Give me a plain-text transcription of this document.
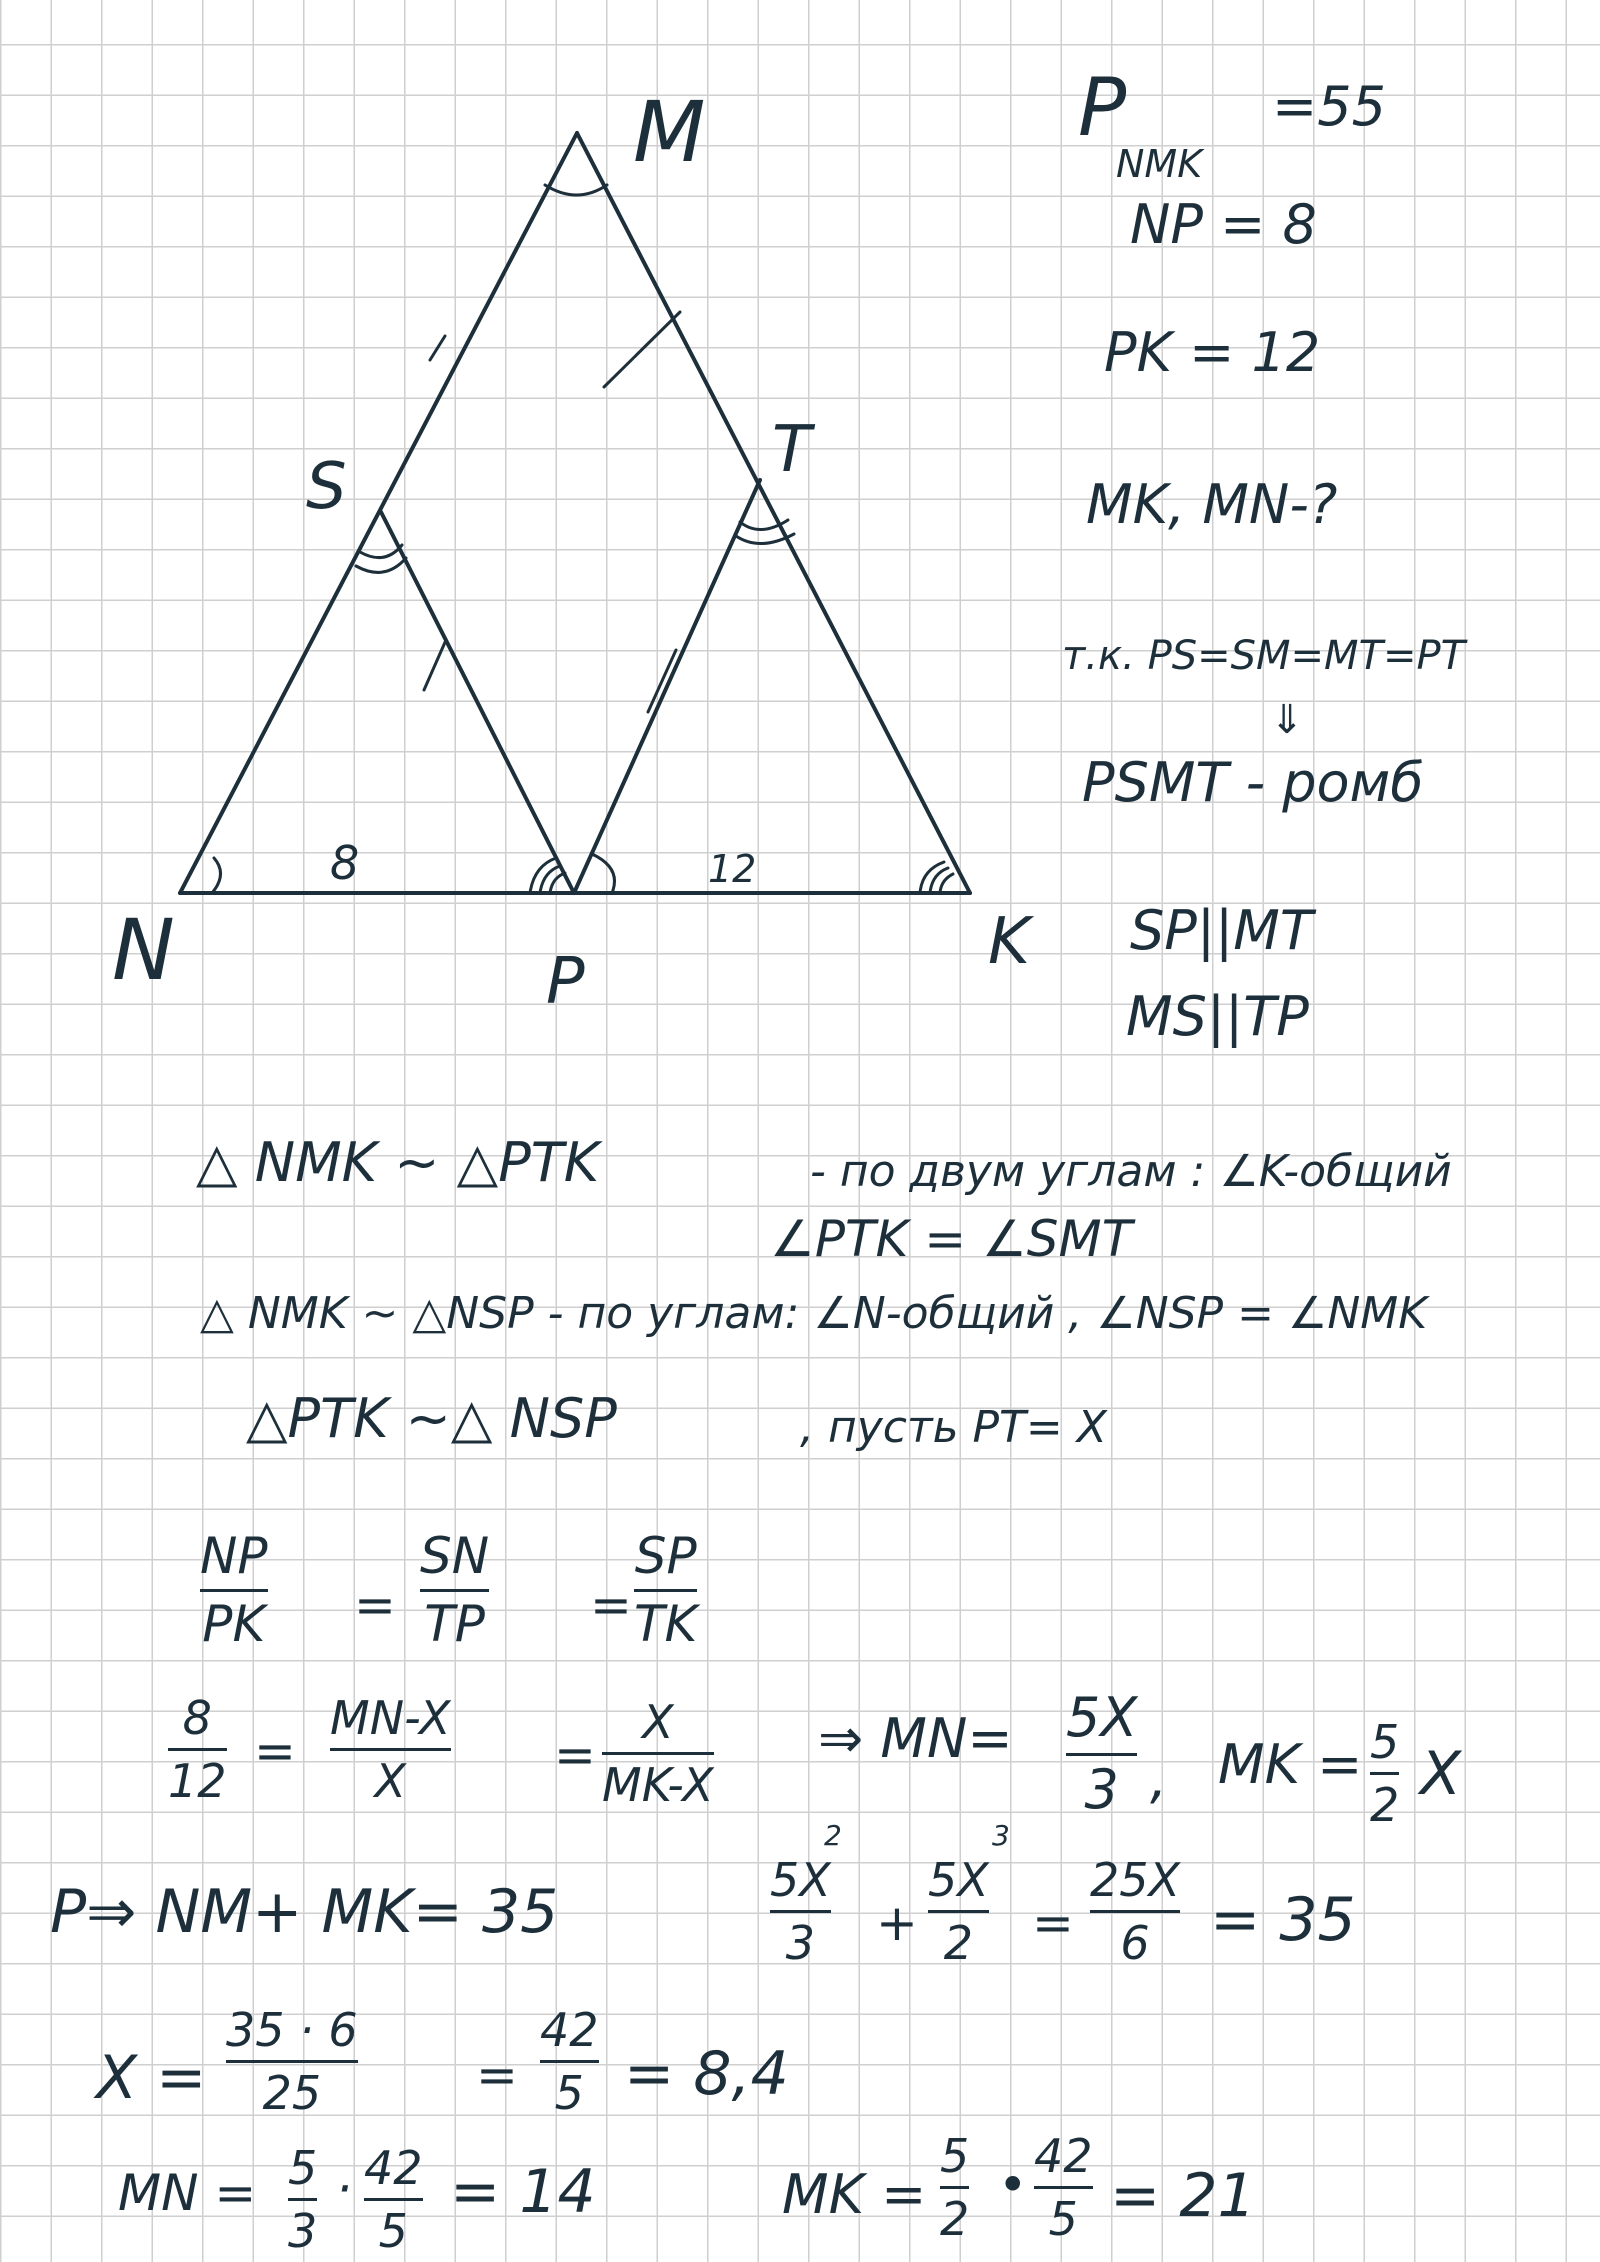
M
N	K
P
S	T
8	12
P
NMK
=55
NP = 8
PK = 12
MK, MN-?
т.к. PS=SM=MT=PT
⇓
PSMT - ромб
SP||MT
MS||TP
△ NMK ~ △PTK	- по двум углам : ∠K-общий
∠PTK = ∠SMT
△ NMK ~ △NSP - по углам: ∠N-общий , ∠NSP = ∠NMK
△PTK ~△ NSP	, пусть PT= X
NP
PK =
SN
TP =
SP
TK
8
12
=
MN-X
X	=
X
MK-X
⇒ MN= 5X
3 , MK = 5
2 X
P⇒ NM+ MK= 35
2	3
5X
3 +
5X
2 =
25X
6 = 35
X =
35 · 6
25	=
42
5 = 8,4
MN = 5
3
· 42
5
= 14	MK =
5
2
• 42
5 = 21
